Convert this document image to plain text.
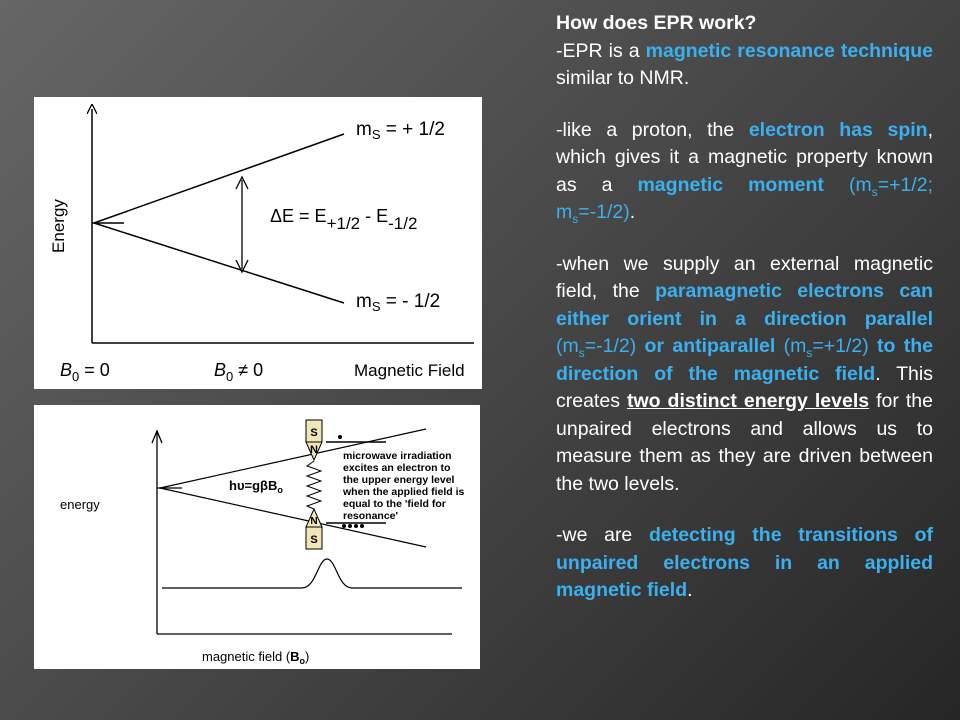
Energy
$m_S$ = + 1/2
$m_S$ = - 1/2
ΔE = E+1/2 - E-1/2
$B_0 = 0$	$B_0 \ne 0$	Magnetic Field
S
N
N
S
energy
magnetic field $(B_o)$
hυ=gβB$_o$
microwave irradiation
excites an electron to
the upper energy level
when the applied field is
equal to the 'field for
resonance'

How does EPR work?

-EPR is a magnetic resonance technique similar to NMR.

-like a proton, the electron has spin, which gives it a magnetic property known as a magnetic moment ($m_s=+1/2$; $m_s=-1/2$).

-when we supply an external magnetic field, the paramagnetic electrons can either orient in a direction parallel $(m_s=-1/2)$ or antiparallel $(m_s=+1/2)$ to the direction of the magnetic field. This creates two distinct energy levels for the unpaired electrons and allows us to measure them as they are driven between the two levels.

-we are detecting the transitions of unpaired electrons in an applied magnetic field.
